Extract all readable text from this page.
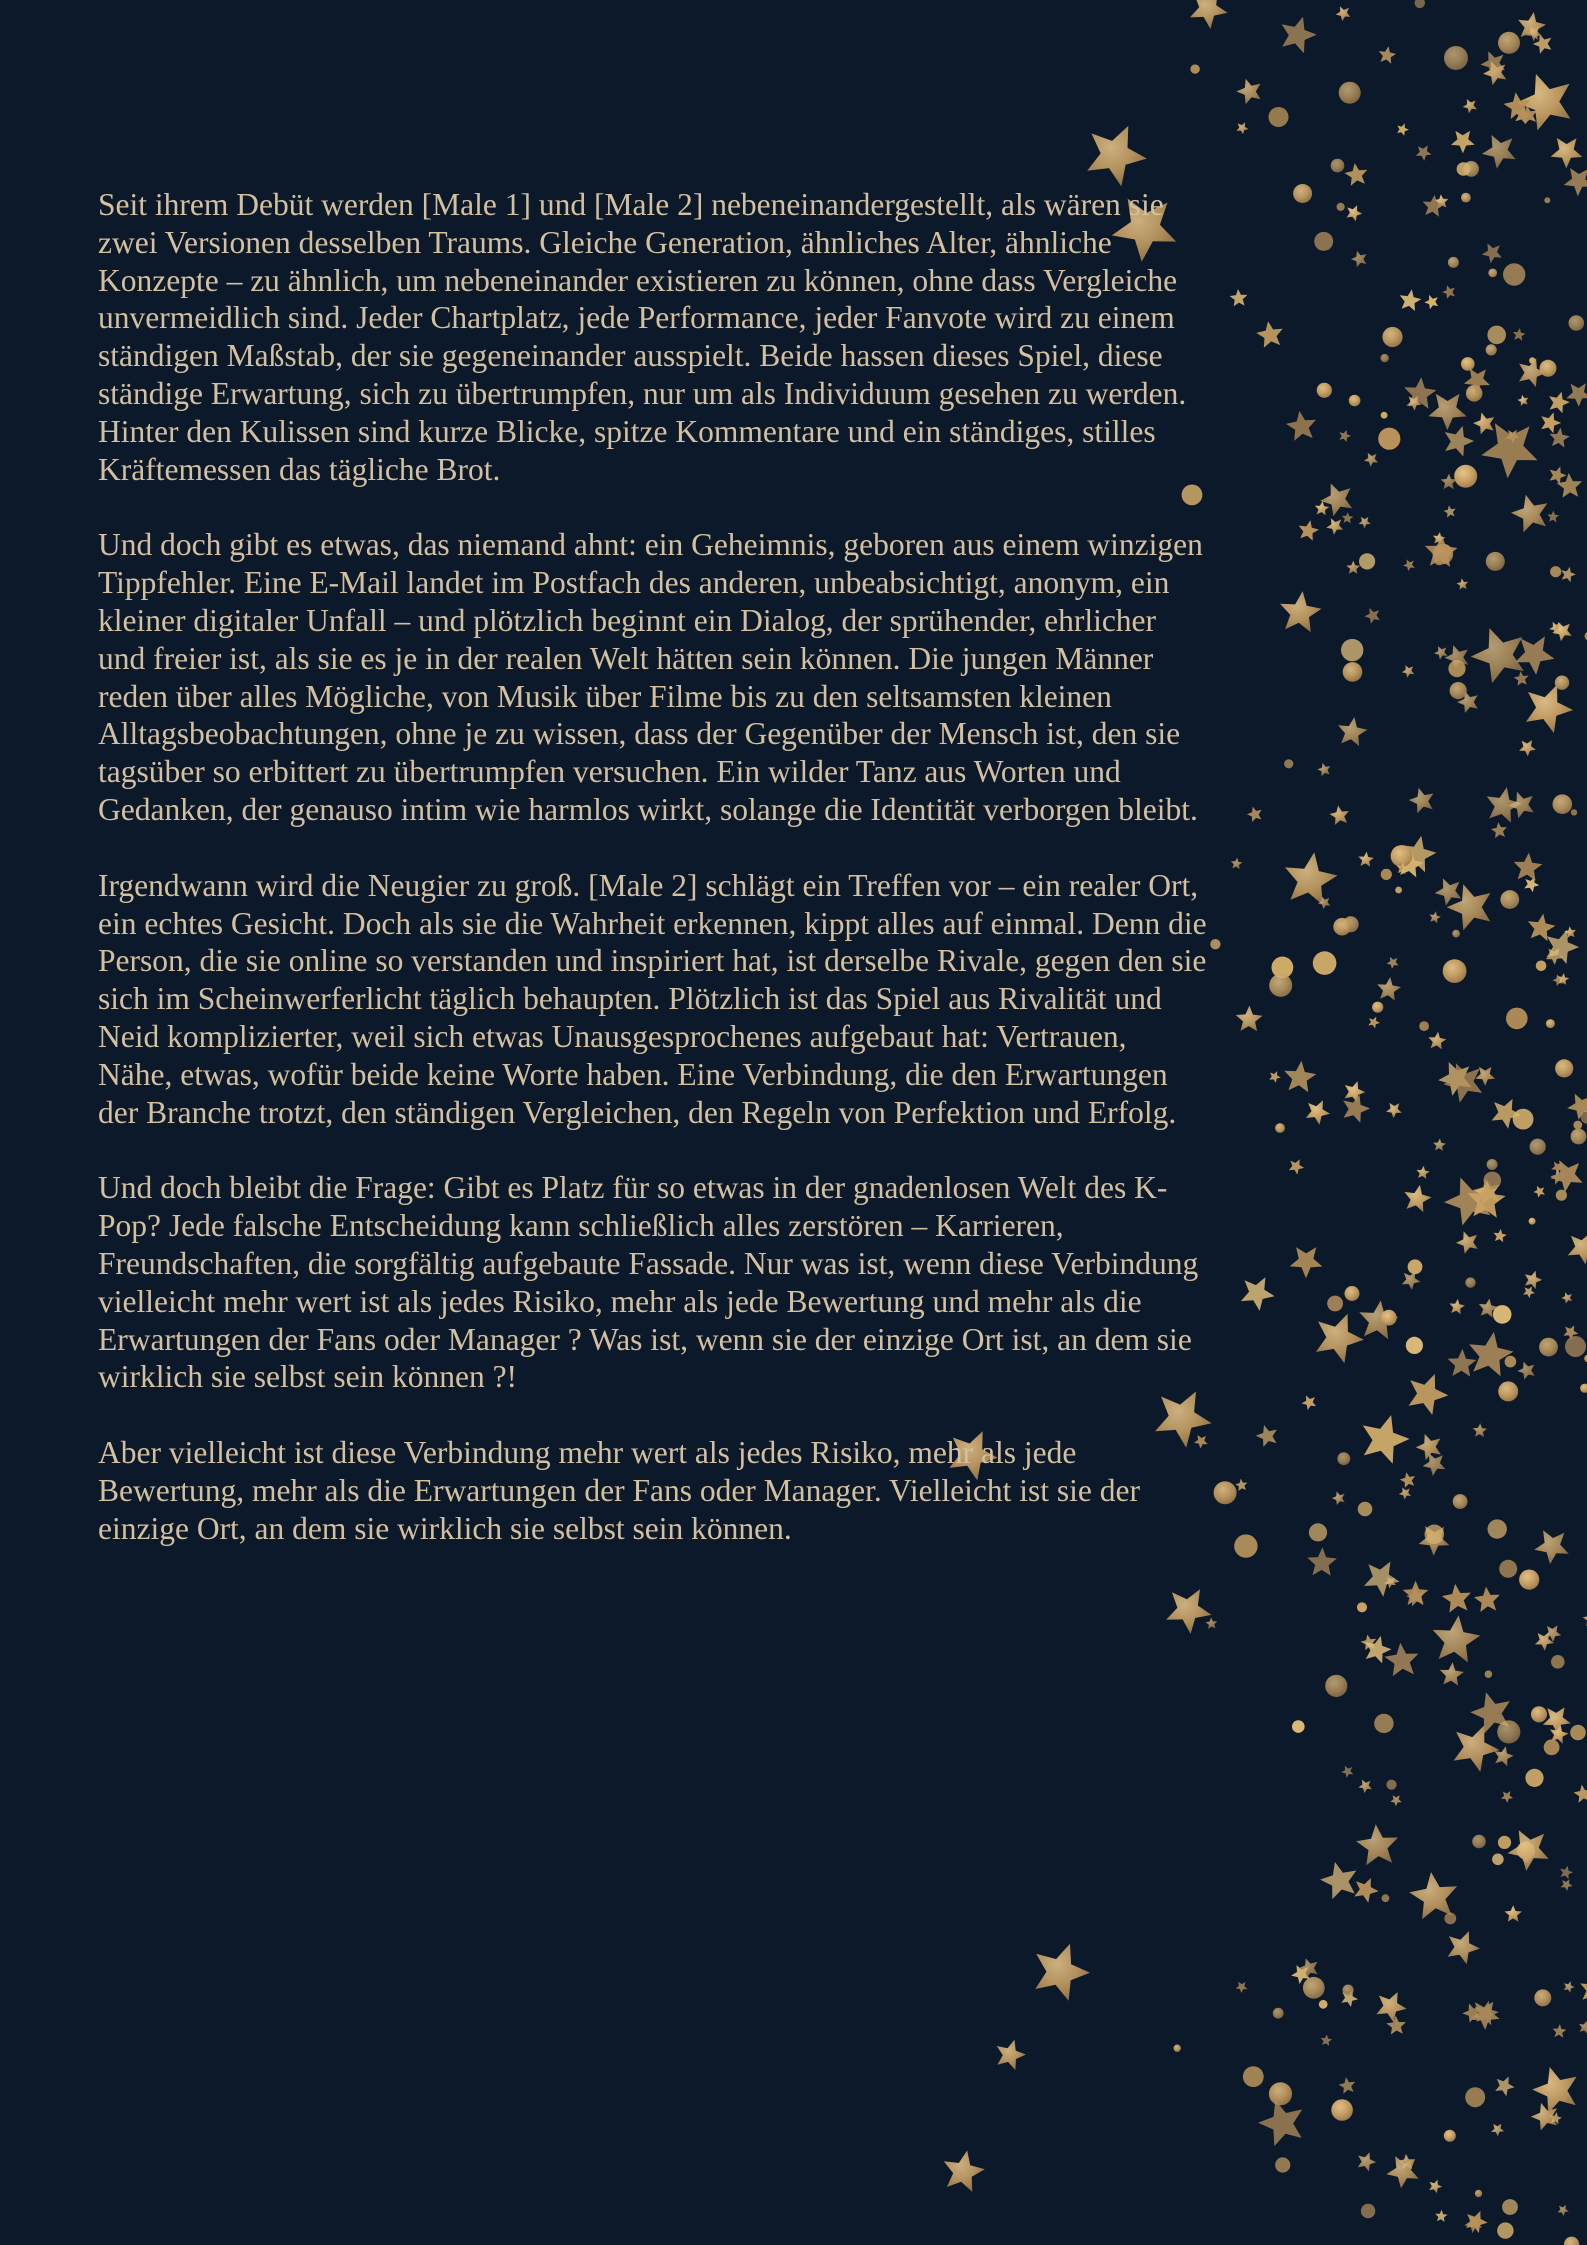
Seit ihrem Debüt werden [Male 1] und [Male 2] nebeneinandergestellt, als wären sie zwei Versionen desselben Traums. Gleiche Generation, ähnliches Alter, ähnliche Konzepte – zu ähnlich, um nebeneinander existieren zu können, ohne dass Vergleiche unvermeidlich sind. Jeder Chartplatz, jede Performance, jeder Fanvote wird zu einem ständigen Maßstab, der sie gegeneinander ausspielt. Beide hassen dieses Spiel, diese ständige Erwartung, sich zu übertrumpfen, nur um als Individuum gesehen zu werden. Hinter den Kulissen sind kurze Blicke, spitze Kommentare und ein ständiges, stilles Kräftemessen das tägliche Brot.

Und doch gibt es etwas, das niemand ahnt: ein Geheimnis, geboren aus einem winzigen Tippfehler. Eine E-Mail landet im Postfach des anderen, unbeabsichtigt, anonym, ein kleiner digitaler Unfall – und plötzlich beginnt ein Dialog, der sprühender, ehrlicher und freier ist, als sie es je in der realen Welt hätten sein können. Die jungen Männer reden über alles Mögliche, von Musik über Filme bis zu den seltsamsten kleinen Alltagsbeobachtungen, ohne je zu wissen, dass der Gegenüber der Mensch ist, den sie tagsüber so erbittert zu übertrumpfen versuchen. Ein wilder Tanz aus Worten und Gedanken, der genauso intim wie harmlos wirkt, solange die Identität verborgen bleibt.

Irgendwann wird die Neugier zu groß. [Male 2] schlägt ein Treffen vor – ein realer Ort, ein echtes Gesicht. Doch als sie die Wahrheit erkennen, kippt alles auf einmal. Denn die Person, die sie online so verstanden und inspiriert hat, ist derselbe Rivale, gegen den sie sich im Scheinwerferlicht täglich behaupten. Plötzlich ist das Spiel aus Rivalität und Neid komplizierter, weil sich etwas Unausgesprochenes aufgebaut hat: Vertrauen, Nähe, etwas, wofür beide keine Worte haben. Eine Verbindung, die den Erwartungen der Branche trotzt, den ständigen Vergleichen, den Regeln von Perfektion und Erfolg.

Und doch bleibt die Frage: Gibt es Platz für so etwas in der gnadenlosen Welt des K-Pop? Jede falsche Entscheidung kann schließlich alles zerstören – Karrieren, Freundschaften, die sorgfältig aufgebaute Fassade. Nur was ist, wenn diese Verbindung vielleicht mehr wert ist als jedes Risiko, mehr als jede Bewertung und mehr als die Erwartungen der Fans oder Manager ? Was ist, wenn sie der einzige Ort ist, an dem sie wirklich sie selbst sein können ?!

Aber vielleicht ist diese Verbindung mehr wert als jedes Risiko, mehr als jede Bewertung, mehr als die Erwartungen der Fans oder Manager. Vielleicht ist sie der einzige Ort, an dem sie wirklich sie selbst sein können.
